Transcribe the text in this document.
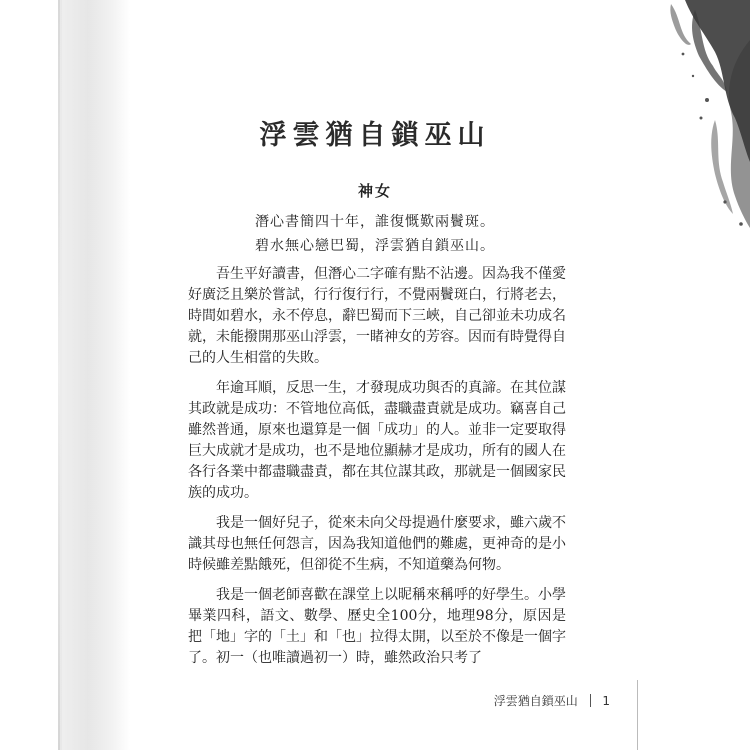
浮雲猶自鎖巫山
神女
潛心書簡四十年，誰復慨歎兩鬢斑。
碧水無心戀巴蜀，浮雲猶自鎖巫山。

吾生平好讀書，但潛心二字確有點不沾邊。因為我不僅愛好廣泛且樂於嘗試，行行復行行，不覺兩鬢斑白，行將老去，時間如碧水，永不停息，辭巴蜀而下三峽，自己卻並未功成名就，未能撥開那巫山浮雲，一睹神女的芳容。因而有時覺得自己的人生相當的失敗。

年逾耳順，反思一生，才發現成功與否的真諦。在其位謀其政就是成功：不管地位高低，盡職盡責就是成功。竊喜自己雖然普通，原來也還算是一個「成功」的人。並非一定要取得巨大成就才是成功，也不是地位顯赫才是成功，所有的國人在各行各業中都盡職盡責，都在其位謀其政，那就是一個國家民族的成功。

我是一個好兒子，從來未向父母提過什麼要求，雖六歲不識其母也無任何怨言，因為我知道他們的難處，更神奇的是小時候雖差點餓死，但卻從不生病，不知道藥為何物。

我是一個老師喜歡在課堂上以昵稱來稱呼的好學生。小學畢業四科，語文、數學、歷史全100分，地理98分，原因是把「地」字的「土」和「也」拉得太開，以至於不像是一個字了。初一（也唯讀過初一）時，雖然政治只考了

浮雲猶自鎖巫山 1
